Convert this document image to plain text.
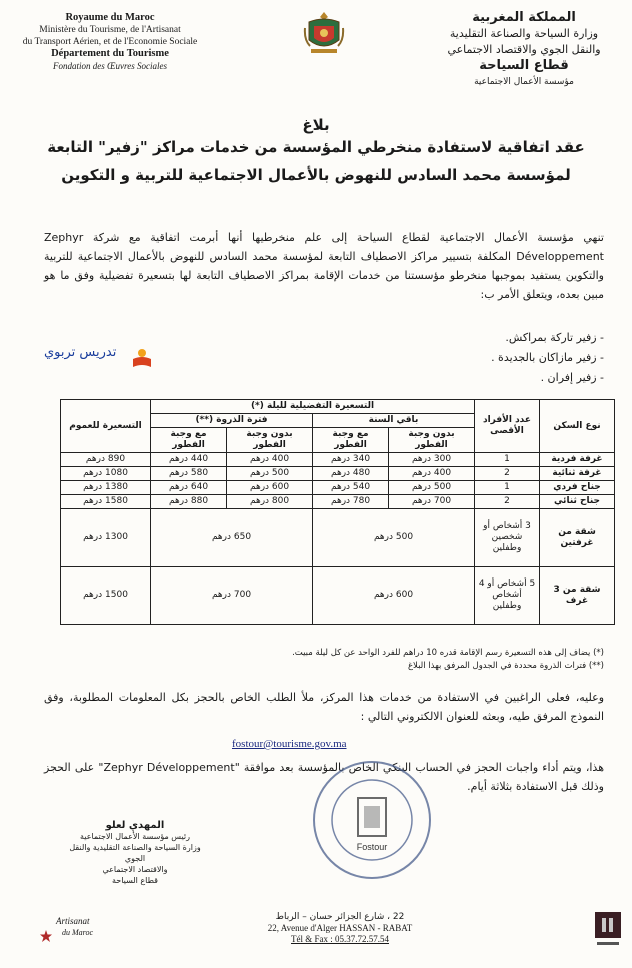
Royaume du Maroc
Ministère du Tourisme, de l'Artisanat
du Transport Aérien, et de l'Economie Sociale
Département du Tourisme
Fondation des Œuvres Sociales
المملكة المغربية
وزارة السياحة والصناعة التقليدية
والنقل الجوي والاقتصاد الاجتماعي
قطاع السياحة
مؤسسة الأعمال الاجتماعية
بلاغ
عقد اتفاقية لاستفادة منخرطي المؤسسة من خدمات مراكز "زفير" التابعة
لمؤسسة محمد السادس للنهوض بالأعمال الاجتماعية للتربية و التكوين
تنهي مؤسسة الأعمال الاجتماعية لقطاع السياحة إلى علم منخرطيها أنها أبرمت اتفاقية مع شركة Zephyr Développement المكلفة بتسيير مراكز الاصطياف التابعة لمؤسسة محمد السادس للنهوض بالأعمال الاجتماعية للتربية والتكوين يستفيد بموجبها منخرطو مؤسستنا من خدمات الإقامة بمراكز الاصطياف التابعة لها بتسعيرة تفضيلية وفق ما هو مبين بعده، ويتعلق الأمر ب:
- زفير تاركة بمراكش.
- زفير مازاكان بالجديدة .
- زفير إفران .
تدريس تربوي
نوع السكن	عدد الأفراد الأقصى	التسعيرة التفضيلية لليلة (*)				التسعيرة للعموم
		باقي السنة		فترة الذروة (**)		
		بدون وجبة الفطور	مع وجبة الفطور	بدون وجبة الفطور	مع وجبة الفطور	
غرفة فردية	1	300 درهم	340 درهم	400 درهم	440 درهم	890 درهم
غرفة ثنائية	2	400 درهم	480 درهم	500 درهم	580 درهم	1080 درهم
جناح فردي	1	500 درهم	540 درهم	600 درهم	640 درهم	1380 درهم
جناح ثنائي	2	700 درهم	780 درهم	800 درهم	880 درهم	1580 درهم
شقة من غرفتين	3 أشخاص أو شخصين وطفلين	500 درهم		650 درهم		1300 درهم
شقة من 3 غرف	5 أشخاص أو 4 أشخاص وطفلين	600 درهم		700 درهم		1500 درهم
(*) يضاف إلى هذه التسعيرة رسم الإقامة قدره 10 دراهم للفرد الواحد عن كل ليلة مبيت.
(**) فترات الذروة محددة في الجدول المرفق بهذا البلاغ
وعليه، فعلى الراغبين في الاستفادة من خدمات هذا المركز، ملأ الطلب الخاص بالحجز بكل المعلومات المطلوبة، وفق النموذج المرفق طيه، وبعثه للعنوان الالكتروني التالي :
fostour@tourisme.gov.ma
هذا، ويتم أداء واجبات الحجز في الحساب البنكي الخاص بالمؤسسة بعد موافقة "Zephyr Développement" على الحجز وذلك قبل الاستفادة بثلاثة أيام.
المهدي لعلو
رئيس مؤسسة الأعمال الاجتماعية
وزارة السياحة والصناعة التقليدية والنقل الجوي
والاقتصاد الاجتماعي
قطاع السياحة
Fostour
Artisanat
du Maroc
22 ، شارع الجزائر حسان – الرباط
22, Avenue d'Alger HASSAN - RABAT
Tél & Fax : 05.37.72.57.54
